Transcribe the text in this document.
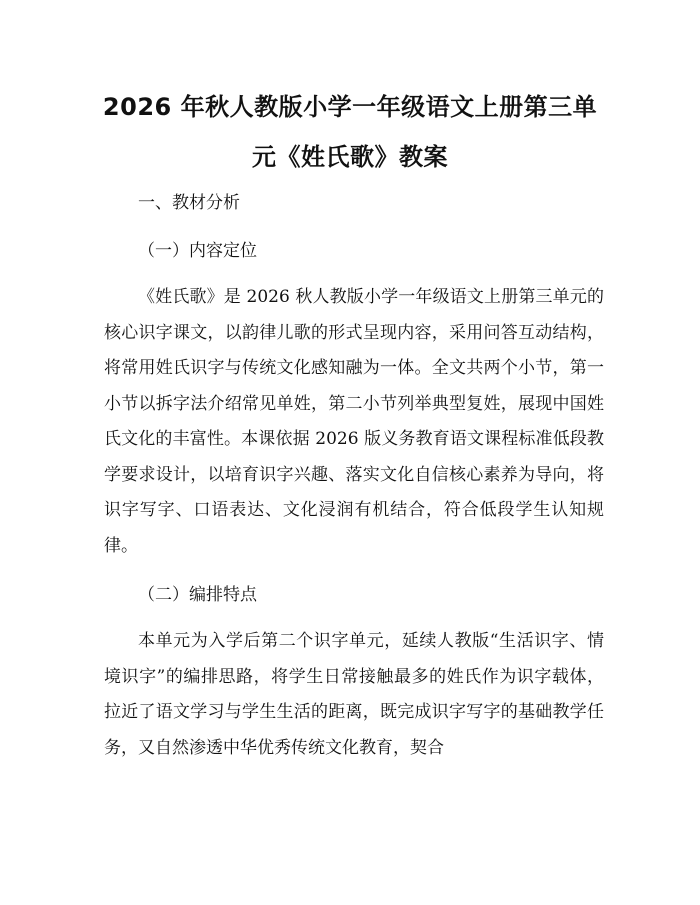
2026 年秋人教版小学一年级语文上册第三单
元《姓氏歌》教案
一、教材分析
（一）内容定位

《姓氏歌》是 2026 秋人教版小学一年级语文上册第三单元的核心识字课文，以韵律儿歌的形式呈现内容，采用问答互动结构，将常用姓氏识字与传统文化感知融为一体。全文共两个小节，第一小节以拆字法介绍常见单姓，第二小节列举典型复姓，展现中国姓氏文化的丰富性。本课依据 2026 版义务教育语文课程标准低段教学要求设计，以培育识字兴趣、落实文化自信核心素养为导向，将识字写字、口语表达、文化浸润有机结合，符合低段学生认知规律。

（二）编排特点

本单元为入学后第二个识字单元，延续人教版“生活识字、情境识字”的编排思路，将学生日常接触最多的姓氏作为识字载体，拉近了语文学习与学生生活的距离，既完成识字写字的基础教学任务，又自然渗透中华优秀传统文化教育，契合
